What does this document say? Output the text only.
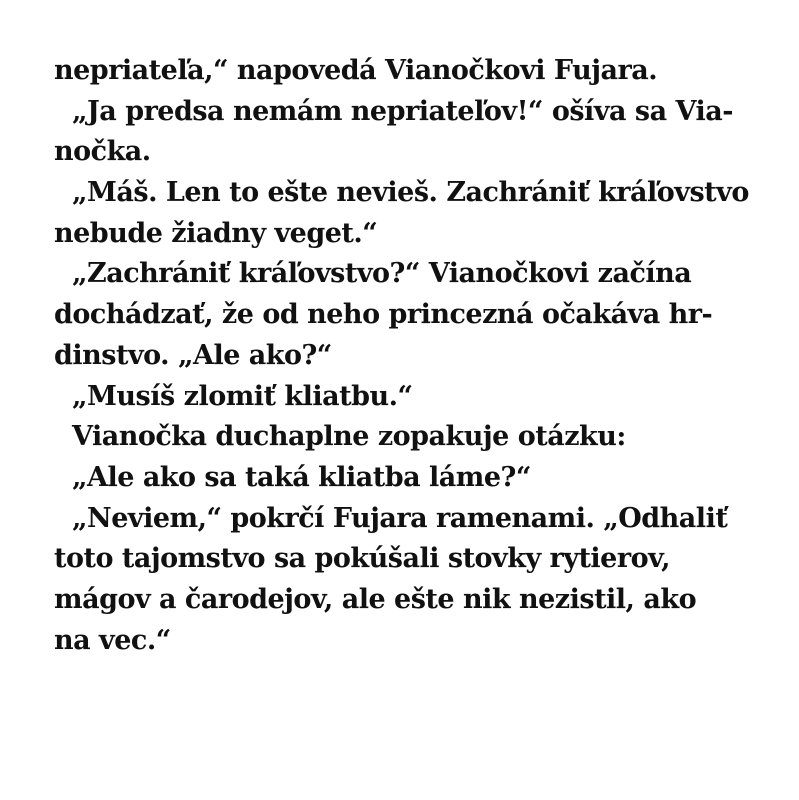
nepriateľa,“ napovedá Vianočkovi Fujara.
„Ja predsa nemám nepriateľov!“ ošíva sa Via-
nočka.
„Máš. Len to ešte nevieš. Zachrániť kráľovstvo
nebude žiadny veget.“
„Zachrániť kráľovstvo?“ Vianočkovi začína
dochádzať, že od neho princezná očakáva hr-
dinstvo. „Ale ako?“
„Musíš zlomiť kliatbu.“
Vianočka duchaplne zopakuje otázku:
„Ale ako sa taká kliatba láme?“
„Neviem,“ pokrčí Fujara ramenami. „Odhaliť
toto tajomstvo sa pokúšali stovky rytierov,
mágov a čarodejov, ale ešte nik nezistil, ako
na vec.“
